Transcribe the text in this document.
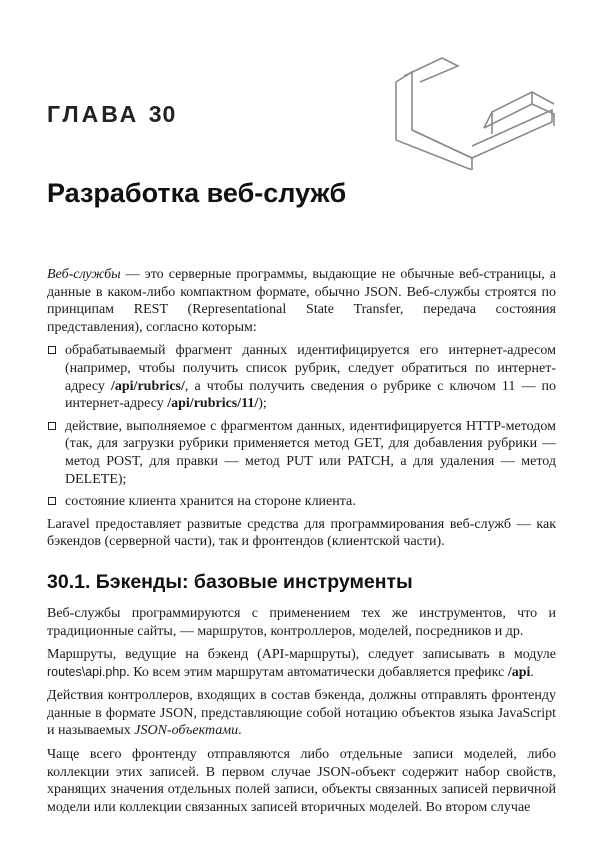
ГЛАВА 30
Разработка веб-служб

Веб-службы — это серверные программы, выдающие не обычные веб-страницы, а данные в каком-либо компактном формате, обычно JSON. Веб-службы строятся по принципам REST (Representational State Transfer, передача состояния представления), согласно которым:

обрабатываемый фрагмент данных идентифицируется его интернет-адресом (например, чтобы получить список рубрик, следует обратиться по интернет-адресу /api/rubrics/, а чтобы получить сведения о рубрике с ключом 11 — по интернет-адресу /api/rubrics/11/);
действие, выполняемое с фрагментом данных, идентифицируется HTTP-методом (так, для загрузки рубрики применяется метод GET, для добавления рубрики — метод POST, для правки — метод PUT или PATCH, а для удаления — метод DELETE);
состояние клиента хранится на стороне клиента.

Laravel предоставляет развитые средства для программирования веб-служб — как бэкендов (серверной части), так и фронтендов (клиентской части).

30.1. Бэкенды: базовые инструменты

Веб-службы программируются с применением тех же инструментов, что и традиционные сайты, — маршрутов, контроллеров, моделей, посредников и др.

Маршруты, ведущие на бэкенд (API-маршруты), следует записывать в модуле routes\api.php. Ко всем этим маршрутам автоматически добавляется префикс /api.

Действия контроллеров, входящих в состав бэкенда, должны отправлять фронтенду данные в формате JSON, представляющие собой нотацию объектов языка JavaScript и называемых JSON-объектами.

Чаще всего фронтенду отправляются либо отдельные записи моделей, либо коллекции этих записей. В первом случае JSON-объект содержит набор свойств, хранящих значения отдельных полей записи, объекты связанных записей первичной модели или коллекции связанных записей вторичных моделей. Во втором случае
